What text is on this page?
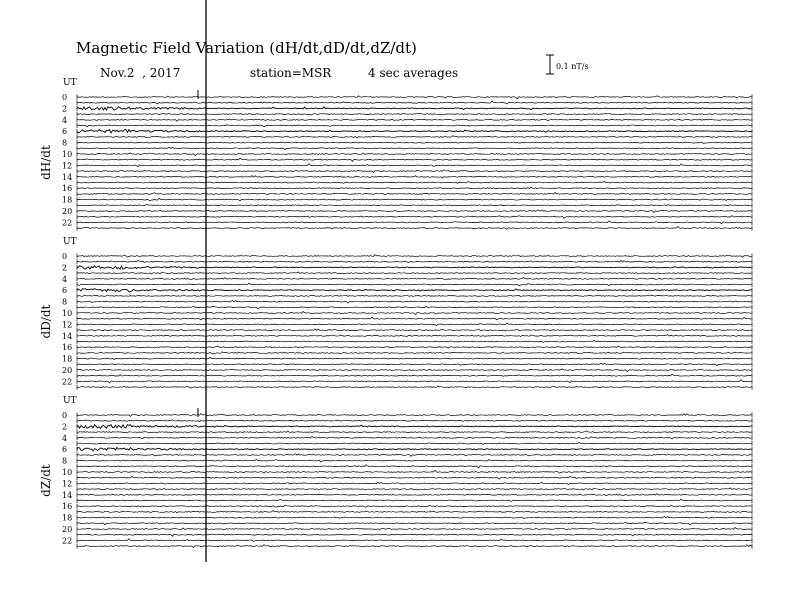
Magnetic Field Variation (dH/dt,dD/dt,dZ/dt)
Nov.2  , 2017	station=MSR	4 sec averages	0.1 nT/s
UT
dH/dt
0
2
4
6
8
10
12
14
16
18
20
22
UT
dD/dt
0
2
4
6
8
10
12
14
16
18
20
22
UT
dZ/dt
0
2
4
6
8
10
12
14
16
18
20
22
